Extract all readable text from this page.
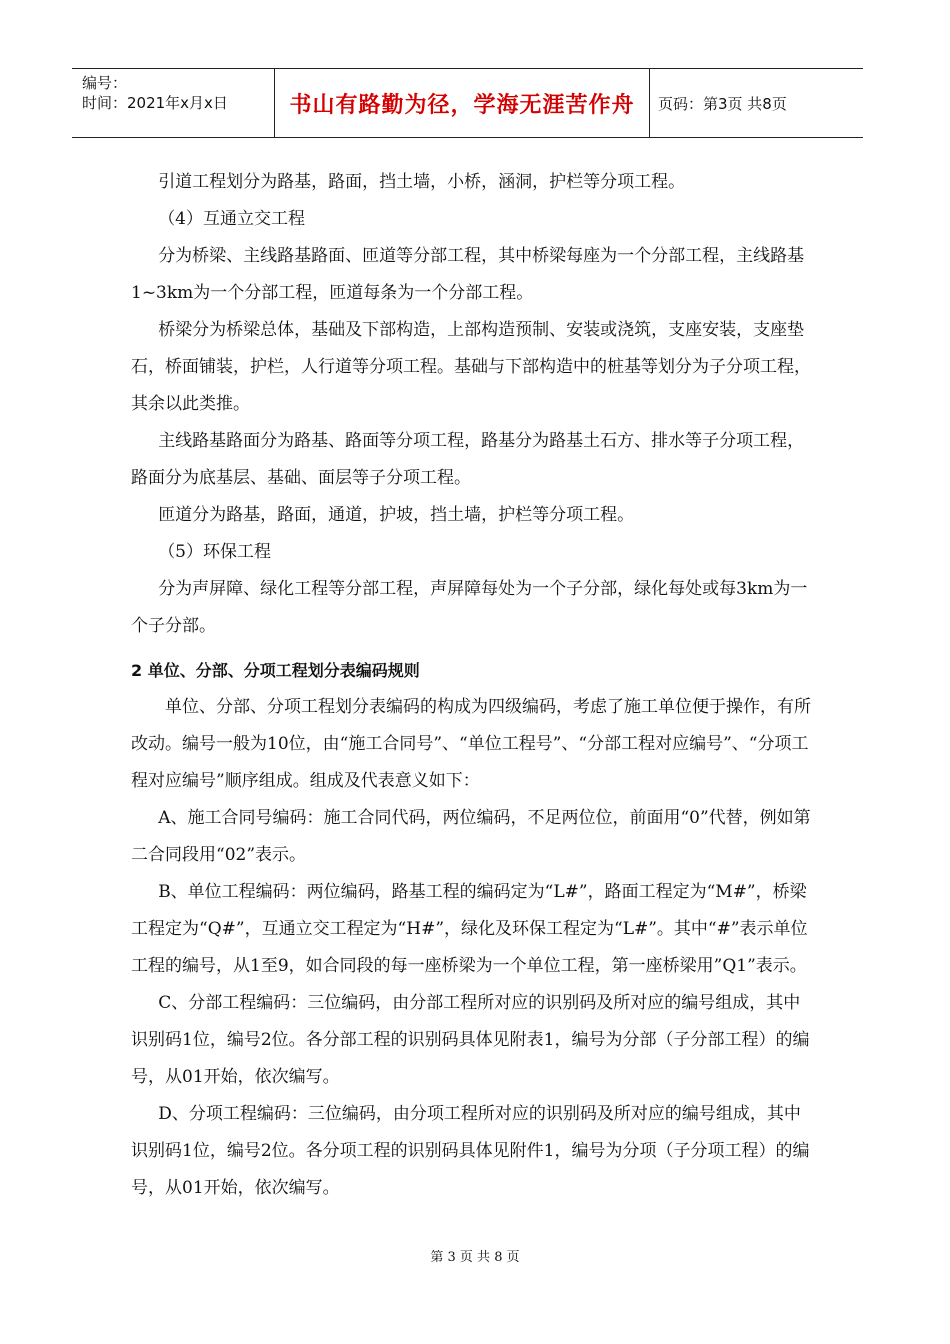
编号：
时间：2021年x月x日	书山有路勤为径，学海无涯苦作舟 页码：第3页 共8页

引道工程划分为路基，路面，挡土墙，小桥，涵洞，护栏等分项工程。

（4）互通立交工程

分为桥梁、主线路基路面、匝道等分部工程，其中桥梁每座为一个分部工程，主线路基1~3km为一个分部工程，匝道每条为一个分部工程。

桥梁分为桥梁总体，基础及下部构造，上部构造预制、安装或浇筑，支座安装，支座垫石，桥面铺装，护栏，人行道等分项工程。基础与下部构造中的桩基等划分为子分项工程，其余以此类推。

主线路基路面分为路基、路面等分项工程，路基分为路基土石方、排水等子分项工程，路面分为底基层、基础、面层等子分项工程。

匝道分为路基，路面，通道，护坡，挡土墙，护栏等分项工程。

（5）环保工程

分为声屏障、绿化工程等分部工程，声屏障每处为一个子分部，绿化每处或每3km为一个子分部。

2 单位、分部、分项工程划分表编码规则

单位、分部、分项工程划分表编码的构成为四级编码，考虑了施工单位便于操作，有所改动。编号一般为10位，由“施工合同号”、“单位工程号”、“分部工程对应编号”、“分项工程对应编号”顺序组成。组成及代表意义如下：

A、施工合同号编码：施工合同代码，两位编码，不足两位位，前面用“0”代替，例如第二合同段用“02”表示。

B、单位工程编码：两位编码，路基工程的编码定为“L#”，路面工程定为“M#”，桥梁工程定为“Q#”，互通立交工程定为“H#”，绿化及环保工程定为“L#”。其中“#”表示单位工程的编号，从1至9，如合同段的每一座桥梁为一个单位工程，第一座桥梁用”Q1”表示。

C、分部工程编码：三位编码，由分部工程所对应的识别码及所对应的编号组成，其中识别码1位，编号2位。各分部工程的识别码具体见附表1，编号为分部（子分部工程）的编号，从01开始，依次编写。

D、分项工程编码：三位编码，由分项工程所对应的识别码及所对应的编号组成，其中识别码1位，编号2位。各分项工程的识别码具体见附件1，编号为分项（子分项工程）的编号，从01开始，依次编写。

第 3 页 共 8 页
